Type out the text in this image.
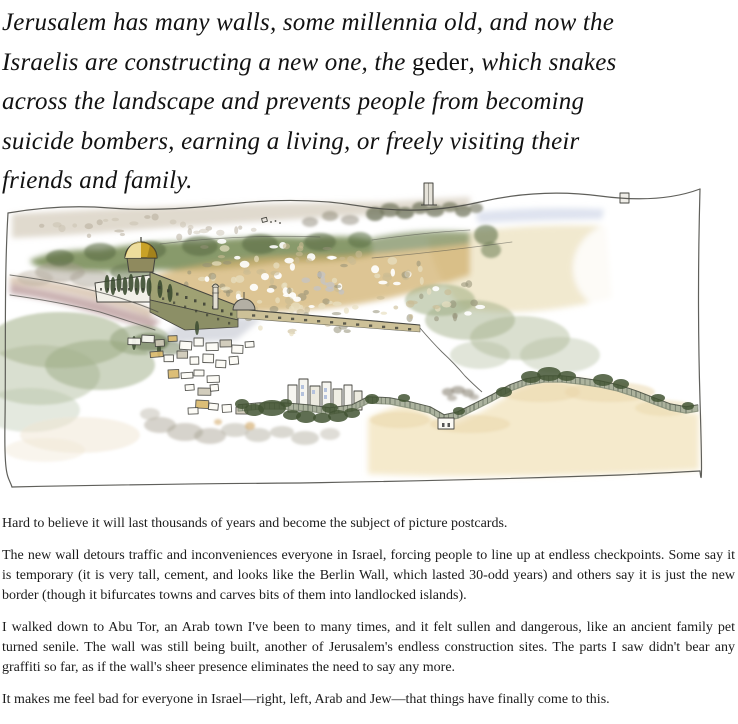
Jerusalem has many walls, some millennia old, and now the
Israelis are constructing a new one, the geder, which snakes
across the landscape and prevents people from becoming
suicide bombers, earning a living, or freely visiting their
friends and family.

Hard to believe it will last thousands of years and become the subject of picture postcards.

The new wall detours traffic and inconveniences everyone in Israel, forcing people to line up at endless checkpoints. Some say it is temporary (it is very tall, cement, and looks like the Berlin Wall, which lasted 30-odd years) and others say it is just the new border (though it bifurcates towns and carves bits of them into landlocked islands).

I walked down to Abu Tor, an Arab town I've been to many times, and it felt sullen and dangerous, like an ancient family pet turned senile. The wall was still being built, another of Jerusalem's endless construction sites. The parts I saw didn't bear any graffiti so far, as if the wall's sheer presence eliminates the need to say any more.

It makes me feel bad for everyone in Israel—right, left, Arab and Jew—that things have finally come to this.
